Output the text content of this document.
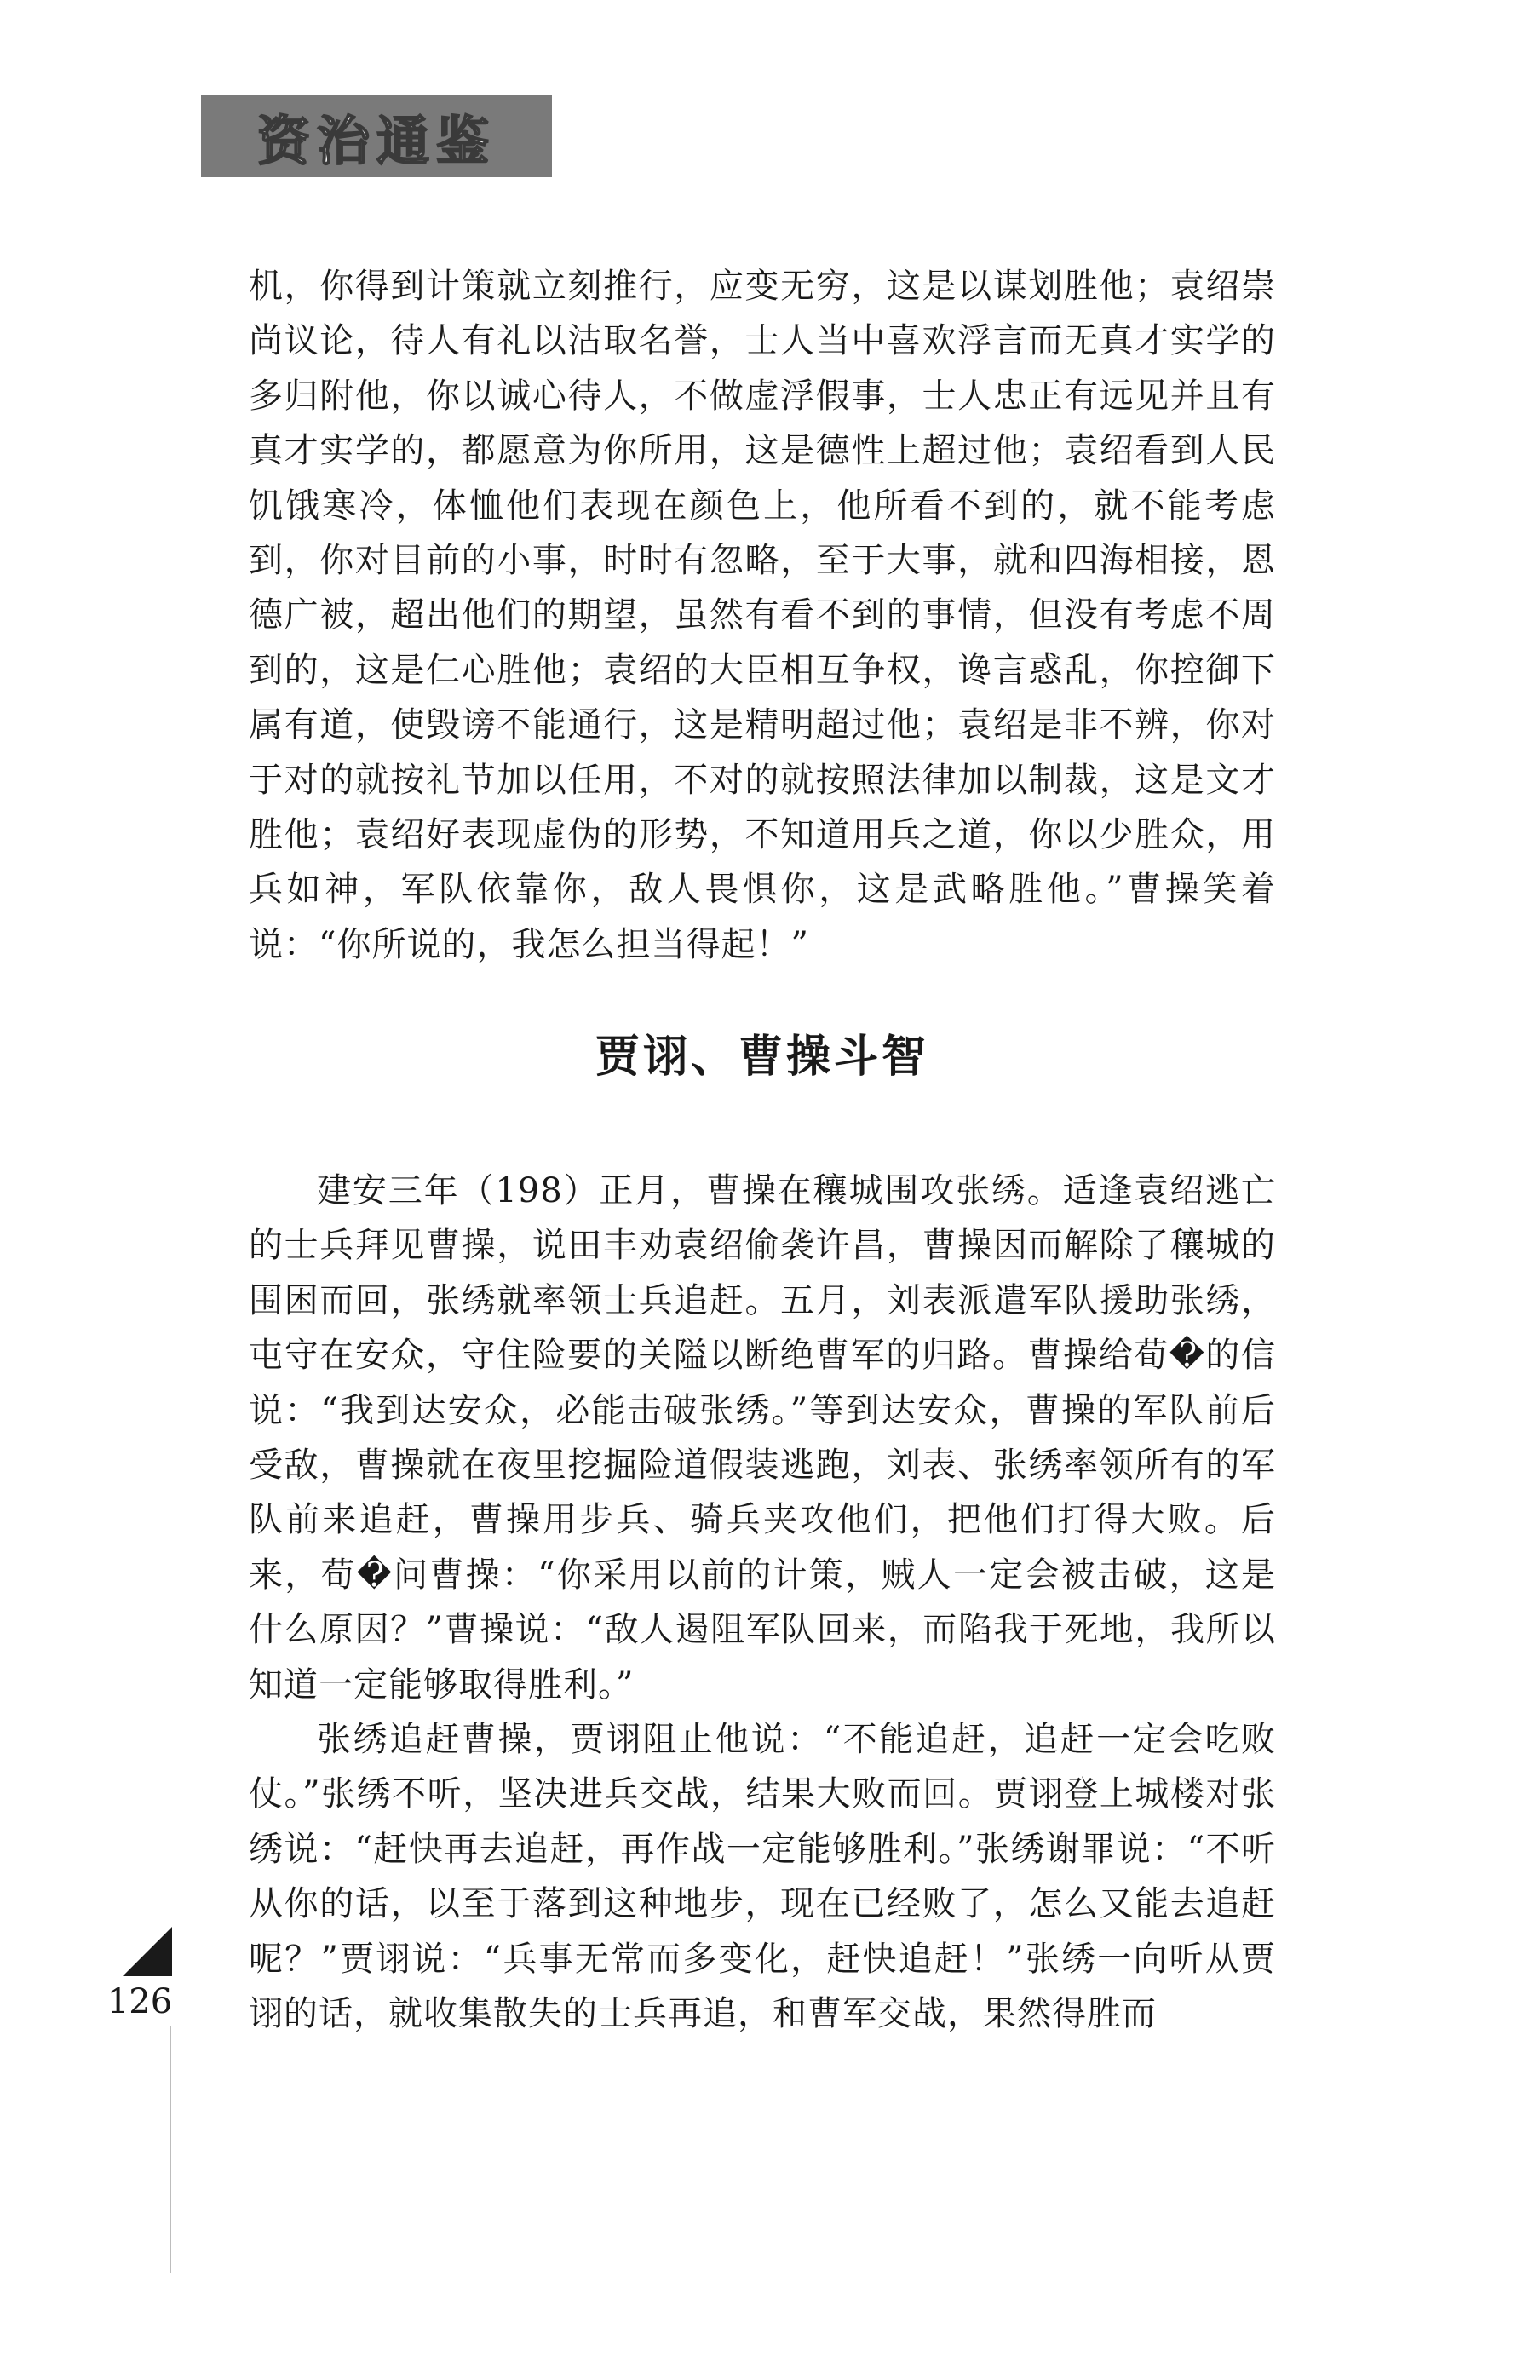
资治通鉴

机，你得到计策就立刻推行，应变无穷，这是以谋划胜他；袁绍崇尚议论，待人有礼以沽取名誉，士人当中喜欢浮言而无真才实学的多归附他，你以诚心待人，不做虚浮假事，士人忠正有远见并且有真才实学的，都愿意为你所用，这是德性上超过他；袁绍看到人民饥饿寒冷，体恤他们表现在颜色上，他所看不到的，就不能考虑到，你对目前的小事，时时有忽略，至于大事，就和四海相接，恩德广被，超出他们的期望，虽然有看不到的事情，但没有考虑不周到的，这是仁心胜他；袁绍的大臣相互争权，谗言惑乱，你控御下属有道，使毁谤不能通行，这是精明超过他；袁绍是非不辨，你对于对的就按礼节加以任用，不对的就按照法律加以制裁，这是文才胜他；袁绍好表现虚伪的形势，不知道用兵之道，你以少胜众，用兵如神，军队依靠你，敌人畏惧你，这是武略胜他。”曹操笑着说：“你所说的，我怎么担当得起！”

贾诩、曹操斗智

建安三年（198）正月，曹操在穰城围攻张绣。适逢袁绍逃亡的士兵拜见曹操，说田丰劝袁绍偷袭许昌，曹操因而解除了穰城的围困而回，张绣就率领士兵追赶。五月，刘表派遣军队援助张绣，屯守在安众，守住险要的关隘以断绝曹军的归路。曹操给荀�的信说：“我到达安众，必能击破张绣。”等到达安众，曹操的军队前后受敌，曹操就在夜里挖掘险道假装逃跑，刘表、张绣率领所有的军队前来追赶，曹操用步兵、骑兵夹攻他们，把他们打得大败。后来，荀�问曹操：“你采用以前的计策，贼人一定会被击破，这是什么原因？”曹操说：“敌人遏阻军队回来，而陷我于死地，我所以知道一定能够取得胜利。”

张绣追赶曹操，贾诩阻止他说：“不能追赶，追赶一定会吃败仗。”张绣不听，坚决进兵交战，结果大败而回。贾诩登上城楼对张绣说：“赶快再去追赶，再作战一定能够胜利。”张绣谢罪说：“不听从你的话，以至于落到这种地步，现在已经败了，怎么又能去追赶呢？”贾诩说：“兵事无常而多变化，赶快追赶！”张绣一向听从贾诩的话，就收集散失的士兵再追，和曹军交战，果然得胜而

126
